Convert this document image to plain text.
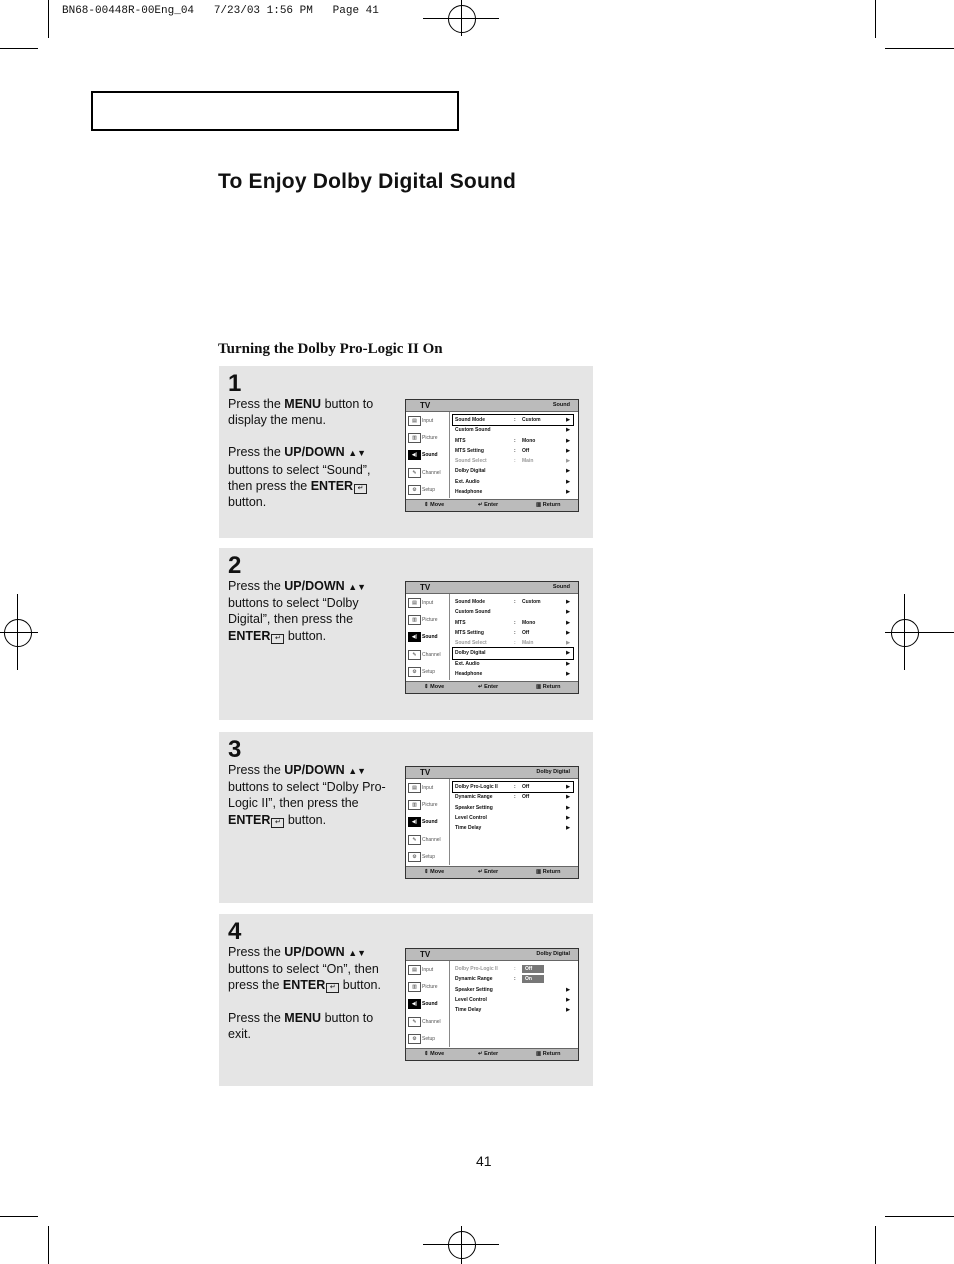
BN68-00448R-00Eng_04   7/23/03 1:56 PM   Page 41
To Enjoy Dolby Digital Sound
Turning the Dolby Pro-Logic II On
1

Press the MENU button to display the menu.

Press the UP/DOWN ▲▼ buttons to select “Sound”, then press the ENTER ↵
button.

TV	Sound
▤	Input
▥	Picture
◀) Sound
✎	Channel
⚙	Setup
Sound Mode	: Custom	▶
Custom Sound	▶
MTS	: Mono	▶
MTS Setting	: Off	▶
Sound Select	: Main	▶
Dolby Digital	▶
Ext. Audio	▶
Headphone	▶
⇕ Move	↵ Enter	▥ Return
2

Press the UP/DOWN ▲▼ buttons to select “Dolby Digital”, then press the ENTER ↵ button.

TV	Sound
▤	Input
▥	Picture
◀) Sound
✎	Channel
⚙	Setup
Sound Mode	: Custom	▶
Custom Sound	▶
MTS	: Mono	▶
MTS Setting	: Off	▶
Sound Select	: Main	▶
Dolby Digital	▶
Ext. Audio	▶
Headphone	▶
⇕ Move	↵ Enter	▥ Return
3

Press the UP/DOWN ▲▼ buttons to select “Dolby Pro-Logic II”, then press the ENTER ↵ button.

TV	Dolby Digital
▤	Input
▥	Picture
◀) Sound
✎	Channel
⚙	Setup
Dolby Pro-Logic II	: Off	▶
Dynamic Range	: Off	▶
Speaker Setting	▶
Level Control	▶
Time Delay	▶
⇕ Move	↵ Enter	▥ Return
4

Press the UP/DOWN ▲▼ buttons to select “On”, then press the ENTER ↵ button.

Press the MENU button to exit.

TV	Dolby Digital
▤	Input
▥	Picture
◀) Sound
✎	Channel
⚙	Setup
Dolby Pro-Logic II	:	Off
Dynamic Range	:	On
Speaker Setting	▶
Level Control	▶
Time Delay	▶
⇕ Move	↵ Enter	▥ Return
41
